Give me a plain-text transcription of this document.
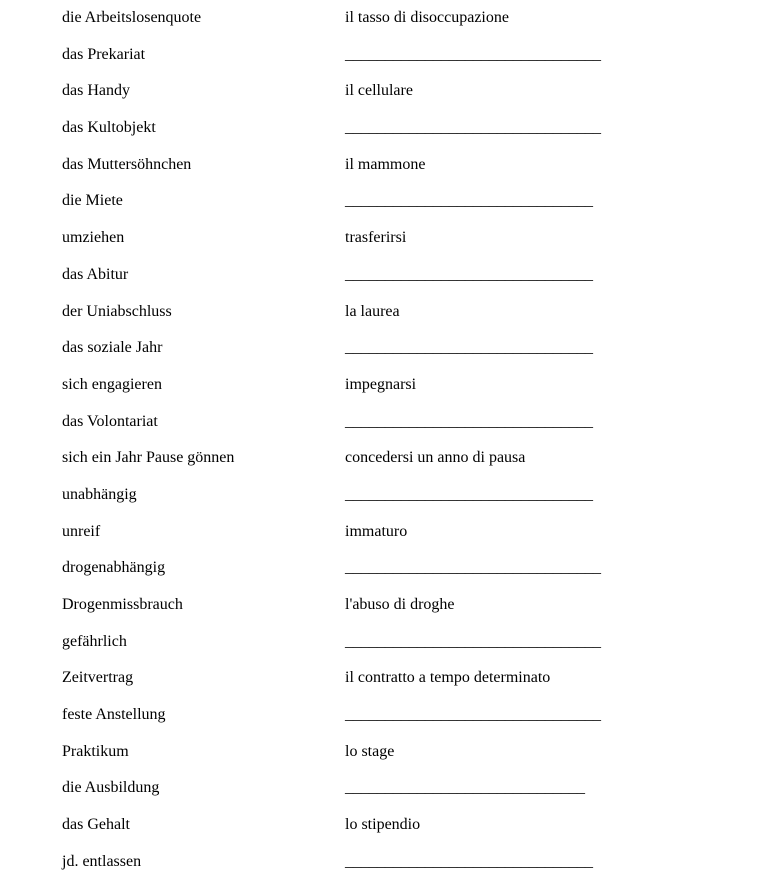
die Arbeitslosenquote	il tasso di disoccupazione
das Prekariat	________________________________
das Handy	il cellulare
das Kultobjekt	________________________________
das Muttersöhnchen	il mammone
die Miete	_______________________________
umziehen	trasferirsi
das Abitur	_______________________________
der Uniabschluss	la laurea
das soziale Jahr	_______________________________
sich engagieren	impegnarsi
das Volontariat	_______________________________
sich ein Jahr Pause gönnen	concedersi un anno di pausa
unabhängig	_______________________________
unreif	immaturo
drogenabhängig	________________________________
Drogenmissbrauch	l'abuso di droghe
gefährlich	________________________________
Zeitvertrag	il contratto a tempo determinato
feste Anstellung	________________________________
Praktikum	lo stage
die Ausbildung	______________________________
das Gehalt	lo stipendio
jd. entlassen	_______________________________
